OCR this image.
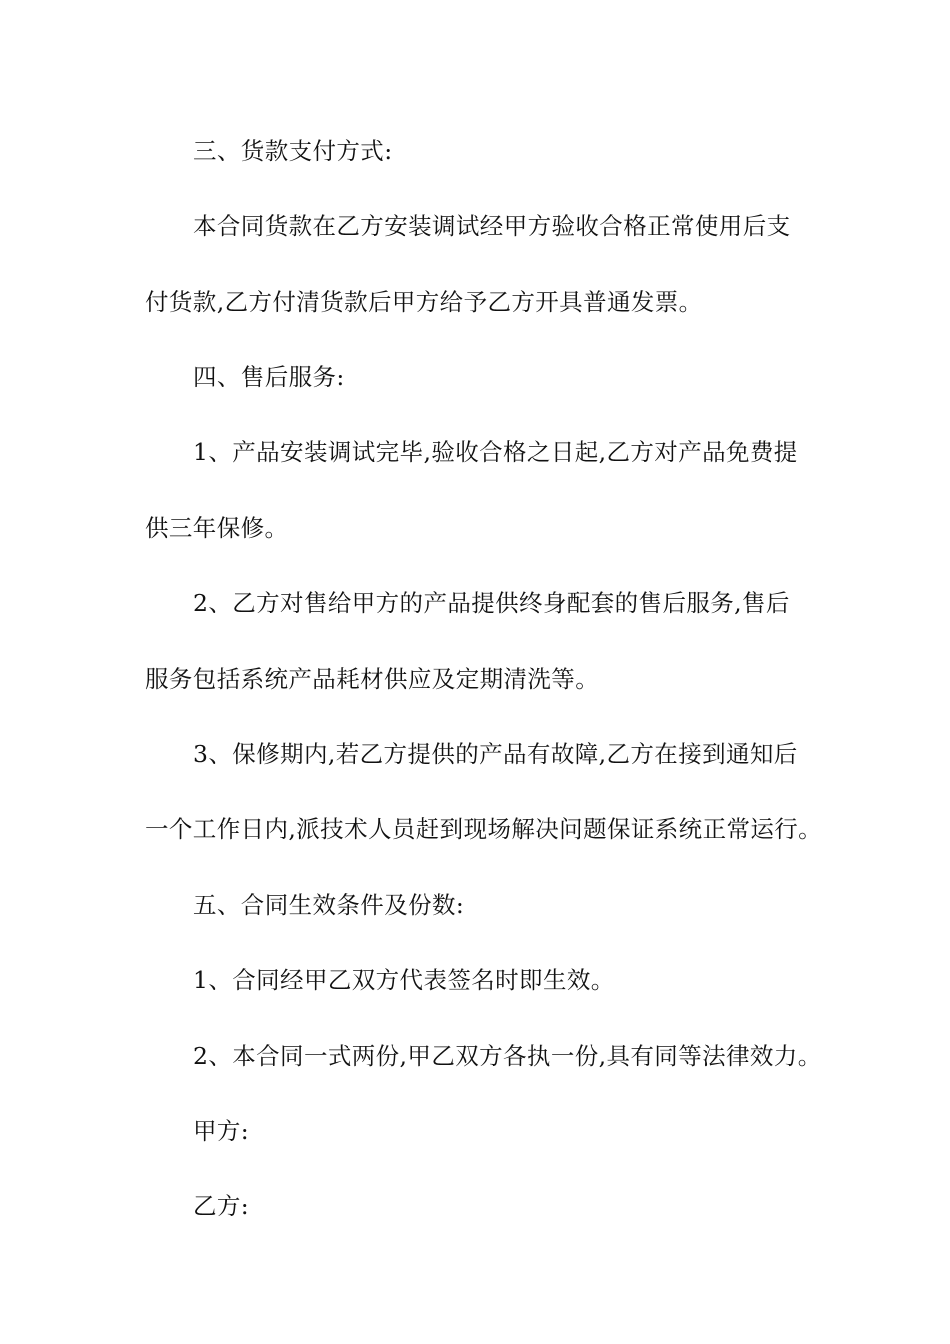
三、货款支付方式:
本合同货款在乙方安装调试经甲方验收合格正常使用后支
付货款,乙方付清货款后甲方给予乙方开具普通发票。
四、售后服务:
1、产品安装调试完毕,验收合格之日起,乙方对产品免费提
供三年保修。
2、乙方对售给甲方的产品提供终身配套的售后服务,售后
服务包括系统产品耗材供应及定期清洗等。
3、保修期内,若乙方提供的产品有故障,乙方在接到通知后
一个工作日内,派技术人员赶到现场解决问题保证系统正常运行。
五、合同生效条件及份数:
1、合同经甲乙双方代表签名时即生效。
2、本合同一式两份,甲乙双方各执一份,具有同等法律效力。
甲方:
乙方:
